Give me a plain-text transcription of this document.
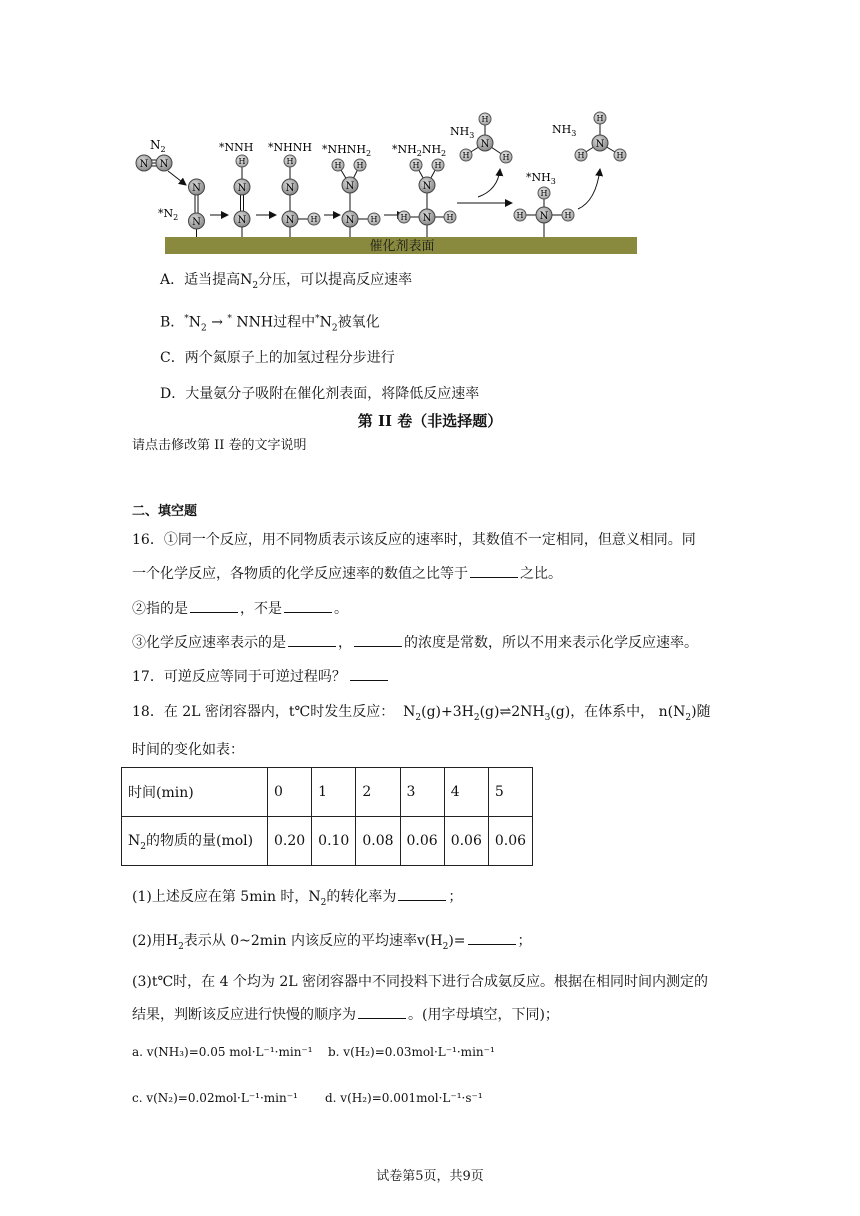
催化剂表面
$N_2$
N N
$*N_2$
N
N
*NNH
H
N
N
*NHNH
H
N
N H
$*NHNH_2$
H H
N
N H
$*NH_2NH_2$
H H
N
H N H
$NH_3$
H
H	H
N
$*NH_3$
H
H N H
$NH_3$
H
H	H
N
A．适当提高$N_2$分压，可以提高反应速率
B．$^*N_2 \to ^*$ NNH过程中$^*N_2$被氧化
C．两个氮原子上的加氢过程分步进行
D．大量氨分子吸附在催化剂表面，将降低反应速率
第 II 卷（非选择题）
请点击修改第 II 卷的文字说明
二、填空题
16．①同一个反应，用不同物质表示该反应的速率时，其数值不一定相同，但意义相同。同
一个化学反应，各物质的化学反应速率的数值之比等于	之比。
②指的是	，不是	。
③化学反应速率表示的是	，	的浓度是常数，所以不用来表示化学反应速率。
17．可逆反应等同于可逆过程吗？
18．在 2L 密闭容器内，t℃时发生反应：  $N_2(g)+3H_2(g)\rightleftharpoons 2NH_3(g)$，在体系中， $n(N_2)$随
时间的变化如表：
时间(min)	0	1	2	3	4	5
$N_2$的物质的量(mol)	0.20	0.10	0.08	0.06	0.06	0.06
(1)上述反应在第 5min 时，$N_2$的转化率为	；
(2)用$H_2$表示从 0~2min 内该反应的平均速率$v(H_2)=$	；
(3)t℃时，在 4 个均为 2L 密闭容器中不同投料下进行合成氨反应。根据在相同时间内测定的
结果，判断该反应进行快慢的顺序为	。(用字母填空，下同)；
a. v(NH₃)=0.05 mol·L⁻¹·min⁻¹ b. v(H₂)=0.03mol·L⁻¹·min⁻¹
c. v(N₂)=0.02mol·L⁻¹·min⁻¹ d. v(H₂)=0.001mol·L⁻¹·s⁻¹
试卷第5页，共9页
